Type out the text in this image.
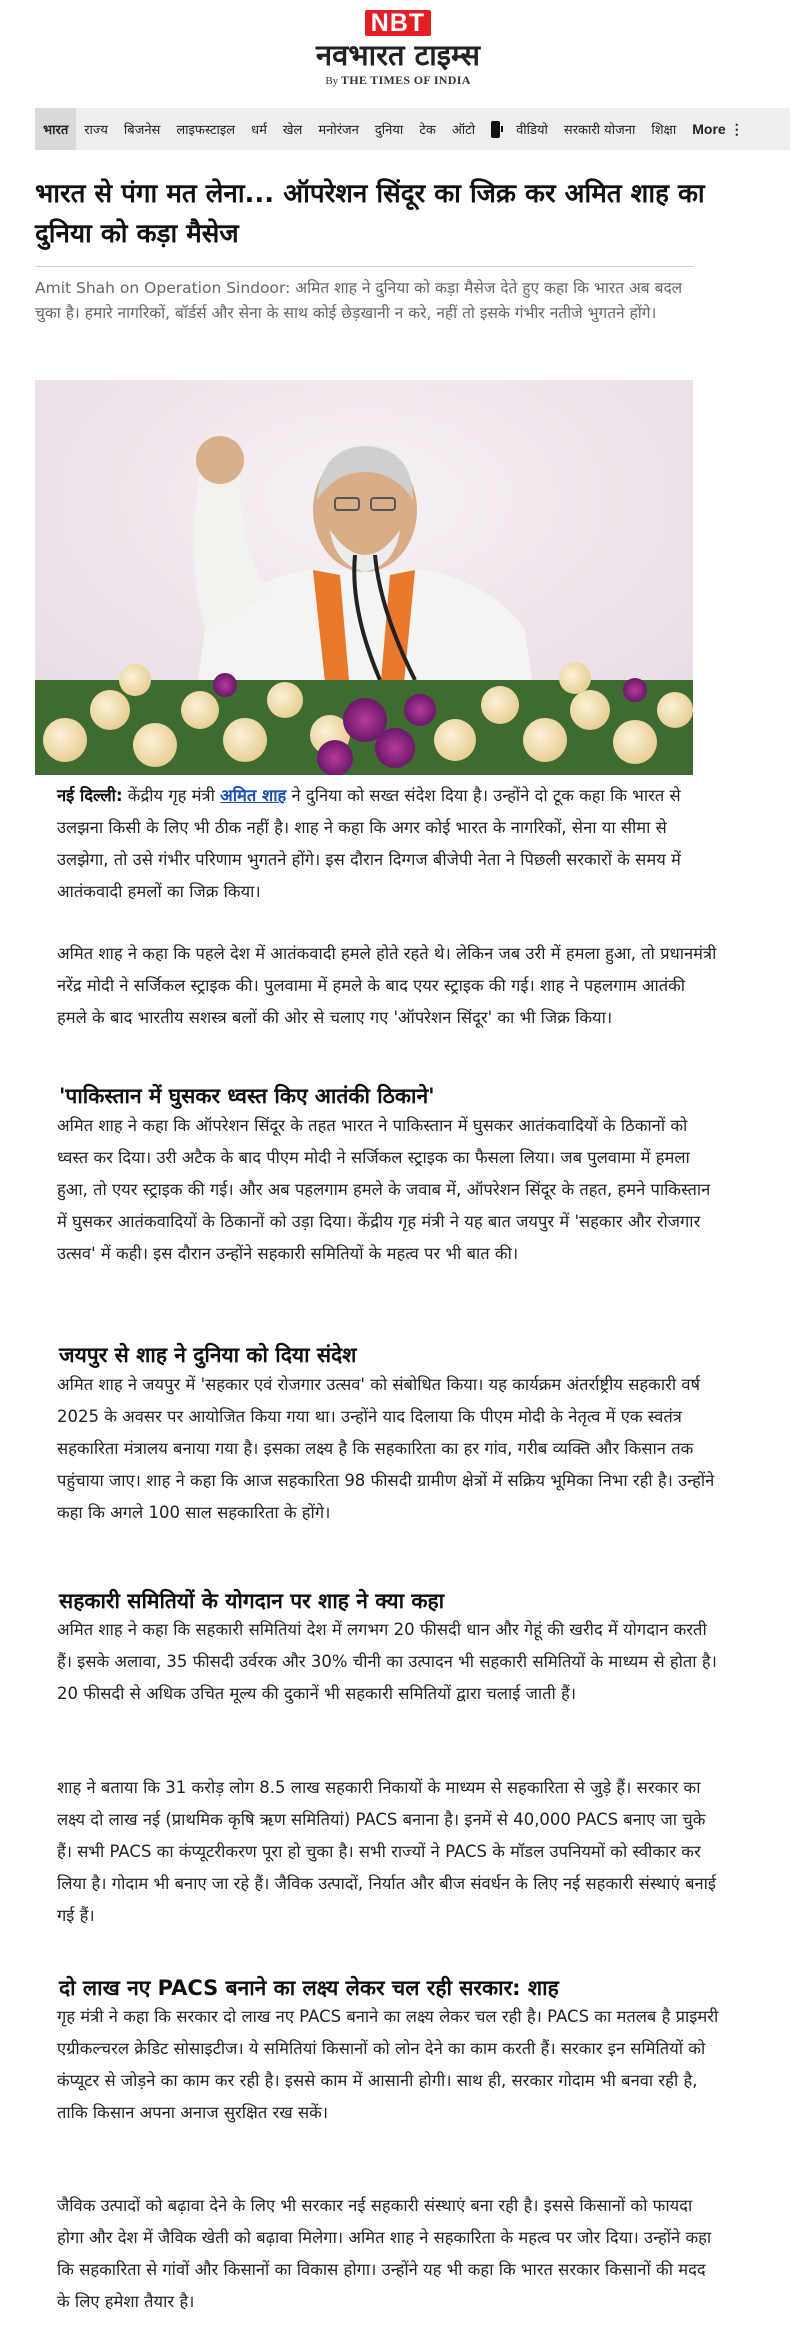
NBT
नवभारत टाइम्स
By THE TIMES OF INDIA
भारत	राज्य	बिजनेस	लाइफस्टाइल	धर्म	खेल	मनोरंजन	दुनिया	टेक	ऑटो	वीडियो	सरकारी योजना	शिक्षा	More ⋮
भारत से पंगा मत लेना... ऑपरेशन सिंदूर का जिक्र कर अमित शाह का दुनिया को कड़ा मैसेज

Amit Shah on Operation Sindoor: अमित शाह ने दुनिया को कड़ा मैसेज देते हुए कहा कि भारत अब बदल चुका है। हमारे नागरिकों, बॉर्डर्स और सेना के साथ कोई छेड़खानी न करे, नहीं तो इसके गंभीर नतीजे भुगतने होंगे।

नई दिल्ली: केंद्रीय गृह मंत्री अमित शाह ने दुनिया को सख्त संदेश दिया है। उन्होंने दो टूक कहा कि भारत से उलझना किसी के लिए भी ठीक नहीं है। शाह ने कहा कि अगर कोई भारत के नागरिकों, सेना या सीमा से उलझेगा, तो उसे गंभीर परिणाम भुगतने होंगे। इस दौरान दिग्गज बीजेपी नेता ने पिछली सरकारों के समय में आतंकवादी हमलों का जिक्र किया।

अमित शाह ने कहा कि पहले देश में आतंकवादी हमले होते रहते थे। लेकिन जब उरी में हमला हुआ, तो प्रधानमंत्री नरेंद्र मोदी ने सर्जिकल स्ट्राइक की। पुलवामा में हमले के बाद एयर स्ट्राइक की गई। शाह ने पहलगाम आतंकी हमले के बाद भारतीय सशस्त्र बलों की ओर से चलाए गए 'ऑपरेशन सिंदूर' का भी जिक्र किया।

'पाकिस्तान में घुसकर ध्वस्त किए आतंकी ठिकाने'

अमित शाह ने कहा कि ऑपरेशन सिंदूर के तहत भारत ने पाकिस्तान में घुसकर आतंकवादियों के ठिकानों को ध्वस्त कर दिया। उरी अटैक के बाद पीएम मोदी ने सर्जिकल स्ट्राइक का फैसला लिया। जब पुलवामा में हमला हुआ, तो एयर स्ट्राइक की गई। और अब पहलगाम हमले के जवाब में, ऑपरेशन सिंदूर के तहत, हमने पाकिस्तान में घुसकर आतंकवादियों के ठिकानों को उड़ा दिया। केंद्रीय गृह मंत्री ने यह बात जयपुर में 'सहकार और रोजगार उत्सव' में कही। इस दौरान उन्होंने सहकारी समितियों के महत्व पर भी बात की।

जयपुर से शाह ने दुनिया को दिया संदेश

अमित शाह ने जयपुर में 'सहकार एवं रोजगार उत्सव' को संबोधित किया। यह कार्यक्रम अंतर्राष्ट्रीय सहकारी वर्ष 2025 के अवसर पर आयोजित किया गया था। उन्होंने याद दिलाया कि पीएम मोदी के नेतृत्व में एक स्वतंत्र सहकारिता मंत्रालय बनाया गया है। इसका लक्ष्य है कि सहकारिता का हर गांव, गरीब व्यक्ति और किसान तक पहुंचाया जाए। शाह ने कहा कि आज सहकारिता 98 फीसदी ग्रामीण क्षेत्रों में सक्रिय भूमिका निभा रही है। उन्होंने कहा कि अगले 100 साल सहकारिता के होंगे।

सहकारी समितियों के योगदान पर शाह ने क्या कहा

अमित शाह ने कहा कि सहकारी समितियां देश में लगभग 20 फीसदी धान और गेहूं की खरीद में योगदान करती हैं। इसके अलावा, 35 फीसदी उर्वरक और 30% चीनी का उत्पादन भी सहकारी समितियों के माध्यम से होता है। 20 फीसदी से अधिक उचित मूल्य की दुकानें भी सहकारी समितियों द्वारा चलाई जाती हैं।

शाह ने बताया कि 31 करोड़ लोग 8.5 लाख सहकारी निकायों के माध्यम से सहकारिता से जुड़े हैं। सरकार का लक्ष्य दो लाख नई (प्राथमिक कृषि ऋण समितियां) PACS बनाना है। इनमें से 40,000 PACS बनाए जा चुके हैं। सभी PACS का कंप्यूटरीकरण पूरा हो चुका है। सभी राज्यों ने PACS के मॉडल उपनियमों को स्वीकार कर लिया है। गोदाम भी बनाए जा रहे हैं। जैविक उत्पादों, निर्यात और बीज संवर्धन के लिए नई सहकारी संस्थाएं बनाई गई हैं।

दो लाख नए PACS बनाने का लक्ष्य लेकर चल रही सरकार: शाह

गृह मंत्री ने कहा कि सरकार दो लाख नए PACS बनाने का लक्ष्य लेकर चल रही है। PACS का मतलब है प्राइमरी एग्रीकल्चरल क्रेडिट सोसाइटीज। ये समितियां किसानों को लोन देने का काम करती हैं। सरकार इन समितियों को कंप्यूटर से जोड़ने का काम कर रही है। इससे काम में आसानी होगी। साथ ही, सरकार गोदाम भी बनवा रही है, ताकि किसान अपना अनाज सुरक्षित रख सकें।

जैविक उत्पादों को बढ़ावा देने के लिए भी सरकार नई सहकारी संस्थाएं बना रही है। इससे किसानों को फायदा होगा और देश में जैविक खेती को बढ़ावा मिलेगा। अमित शाह ने सहकारिता के महत्व पर जोर दिया। उन्होंने कहा कि सहकारिता से गांवों और किसानों का विकास होगा। उन्होंने यह भी कहा कि भारत सरकार किसानों की मदद के लिए हमेशा तैयार है।
